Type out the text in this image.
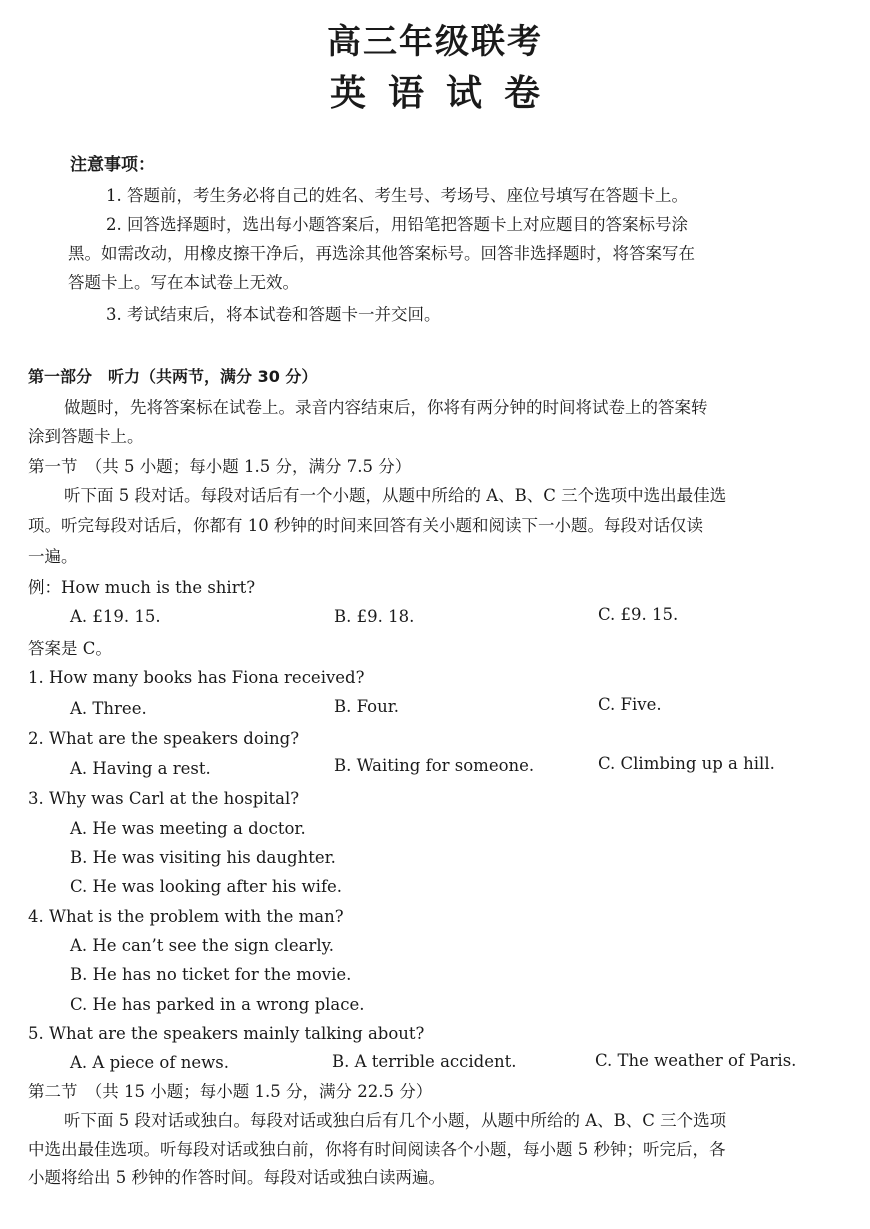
高三年级联考
英语试卷
注意事项：
1. 答题前，考生务必将自己的姓名、考生号、考场号、座位号填写在答题卡上。
2. 回答选择题时，选出每小题答案后，用铅笔把答题卡上对应题目的答案标号涂
黑。如需改动，用橡皮擦干净后，再选涂其他答案标号。回答非选择题时，将答案写在
答题卡上。写在本试卷上无效。
3. 考试结束后，将本试卷和答题卡一并交回。
第一部分　听力（共两节，满分 30 分）
做题时，先将答案标在试卷上。录音内容结束后，你将有两分钟的时间将试卷上的答案转
涂到答题卡上。
第一节　（共 5 小题；每小题 1.5 分，满分 7.5 分）
听下面 5 段对话。每段对话后有一个小题，从题中所给的 A、B、C 三个选项中选出最佳选
项。听完每段对话后，你都有 10 秒钟的时间来回答有关小题和阅读下一小题。每段对话仅读
一遍。
例：How much is the shirt?
A. £19. 15.	B. £9. 18.	C. £9. 15.
答案是 C。
1. How many books has Fiona received?
A. Three.	B. Four.	C. Five.
2. What are the speakers doing?
A. Having a rest.	B. Waiting for someone.	C. Climbing up a hill.
3. Why was Carl at the hospital?
A. He was meeting a doctor.
B. He was visiting his daughter.
C. He was looking after his wife.
4. What is the problem with the man?
A. He can’t see the sign clearly.
B. He has no ticket for the movie.
C. He has parked in a wrong place.
5. What are the speakers mainly talking about?
A. A piece of news.	B. A terrible accident.	C. The weather of Paris.
第二节　（共 15 小题；每小题 1.5 分，满分 22.5 分）
听下面 5 段对话或独白。每段对话或独白后有几个小题，从题中所给的 A、B、C 三个选项
中选出最佳选项。听每段对话或独白前，你将有时间阅读各个小题，每小题 5 秒钟；听完后，各
小题将给出 5 秒钟的作答时间。每段对话或独白读两遍。
